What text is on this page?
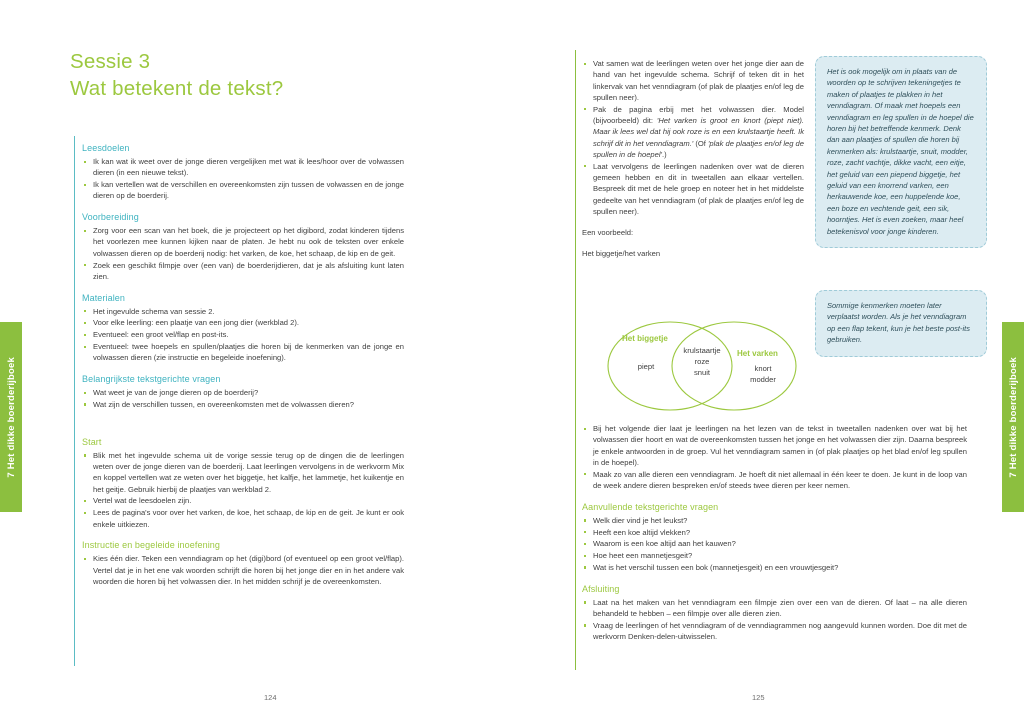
7 Het dikke boerderijboek	7 Het dikke boerderijboek
Sessie 3
Wat betekent de tekst?
Leesdoelen
Ik kan wat ik weet over de jonge dieren vergelijken met wat ik lees/hoor over de volwassen dieren (in een nieuwe tekst).
Ik kan vertellen wat de verschillen en overeenkomsten zijn tussen de volwassen en de jonge dieren op de boerderij.
Voorbereiding
Zorg voor een scan van het boek, die je projecteert op het digibord, zodat kinderen tijdens het voorlezen mee kunnen kijken naar de platen. Je hebt nu ook de teksten over enkele volwassen dieren op de boerderij nodig: het varken, de koe, het schaap, de kip en de geit.
Zoek een geschikt filmpje over (een van) de boerderijdieren, dat je als afsluiting kunt laten zien.
Materialen
Het ingevulde schema van sessie 2.
Voor elke leerling: een plaatje van een jong dier (werkblad 2).
Eventueel: een groot vel/flap en post-its.
Eventueel: twee hoepels en spullen/plaatjes die horen bij de kenmerken van de jonge en volwassen dieren (zie instructie en begeleide inoefening).
Belangrijkste tekstgerichte vragen
Wat weet je van de jonge dieren op de boerderij?
Wat zijn de verschillen tussen, en overeenkomsten met de volwassen dieren?
Start
Blik met het ingevulde schema uit de vorige sessie terug op de dingen die de leerlingen weten over de jonge dieren van de boerderij. Laat leerlingen vervolgens in de werkvorm Mix en koppel vertellen wat ze weten over het biggetje, het kalfje, het lammetje, het kuikentje en het geitje. Gebruik hierbij de plaatjes van werkblad 2.
Vertel wat de leesdoelen zijn.
Lees de pagina's voor over het varken, de koe, het schaap, de kip en de geit. Je kunt er ook enkele uitkiezen.
Instructie en begeleide inoefening
Kies één dier. Teken een venndiagram op het (digi)bord (of eventueel op een groot vel/flap). Vertel dat je in het ene vak woorden schrijft die horen bij het jonge dier en in het andere vak woorden die horen bij het volwassen dier. In het midden schrijf je de overeenkomsten.
124
Vat samen wat de leerlingen weten over het jonge dier aan de hand van het ingevulde schema. Schrijf of teken dit in het linkervak van het venndiagram (of plak de plaatjes en/of leg de spullen neer).
Pak de pagina erbij met het volwassen dier. Model (bijvoorbeeld) dit: 'Het varken is groot en knort (piept niet). Maar ik lees wel dat hij ook roze is en een krulstaartje heeft. Ik schrijf dit in het venndiagram.' (Of 'plak de plaatjes en/of leg de spullen in de hoepel'.)
Laat vervolgens de leerlingen nadenken over wat de dieren gemeen hebben en dit in tweetallen aan elkaar vertellen. Bespreek dit met de hele groep en noteer het in het middelste gedeelte van het venndiagram (of plak de plaatjes en/of leg de spullen neer).

Een voorbeeld:

Het biggetje/het varken

Het biggetje
piept
Het varken
knort
modder
krulstaartje
roze
snuit
Bij het volgende dier laat je leerlingen na het lezen van de tekst in tweetallen nadenken over wat bij het volwassen dier hoort en wat de overeenkomsten tussen het jonge en het volwassen dier zijn. Daarna bespreek je enkele antwoorden in de groep. Vul het venndiagram samen in (of plak plaatjes op het blad en/of leg spullen in de hoepel).
Maak zo van alle dieren een venndiagram. Je hoeft dit niet allemaal in één keer te doen. Je kunt in de loop van de week andere dieren bespreken en/of steeds twee dieren per keer nemen.
Aanvullende tekstgerichte vragen
Welk dier vind je het leukst?
Heeft een koe altijd vlekken?
Waarom is een koe altijd aan het kauwen?
Hoe heet een mannetjesgeit?
Wat is het verschil tussen een bok (mannetjesgeit) en een vrouwtjesgeit?
Afsluiting
Laat na het maken van het venndiagram een filmpje zien over een van de dieren. Of laat – na alle dieren behandeld te hebben – een filmpje over alle dieren zien.
Vraag de leerlingen of het venndiagram of de venndiagrammen nog aangevuld kunnen worden. Doe dit met de werkvorm Denken-delen-uitwisselen.
Het is ook mogelijk om in plaats van de woorden op te schrijven tekeningetjes te maken of plaatjes te plakken in het venndiagram. Of maak met hoepels een venndiagram en leg spullen in de hoepel die horen bij het betreffende kenmerk. Denk dan aan plaatjes of spullen die horen bij kenmerken als: krulstaartje, snuit, modder, roze, zacht vachtje, dikke vacht, een eitje, het geluid van een piepend biggetje, het geluid van een knorrend varken, een herkauwende koe, een huppelende koe, een boze en vechtende geit, een sik, hoorntjes. Het is even zoeken, maar heel betekenisvol voor jonge kinderen.
Sommige kenmerken moeten later verplaatst worden. Als je het venndiagram op een flap tekent, kun je het beste post-its gebruiken.
125
